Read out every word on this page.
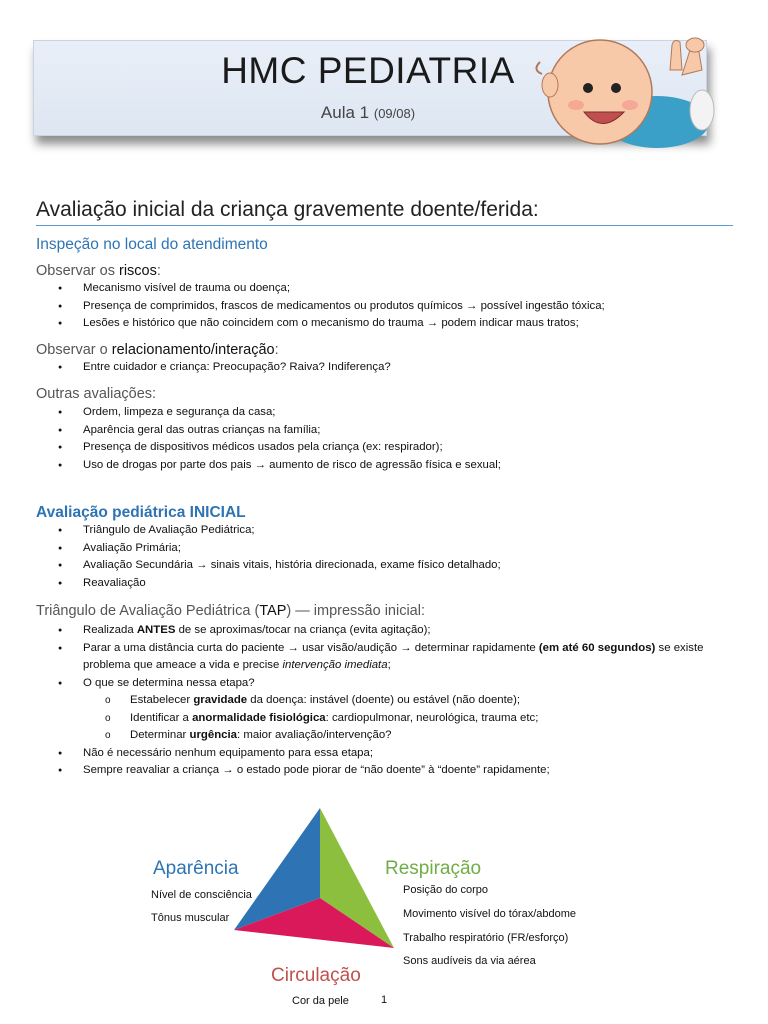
HMC PEDIATRIA
Aula 1 (09/08)
Avaliação inicial da criança gravemente doente/ferida:
Inspeção no local do atendimento
Observar os riscos:
● Mecanismo visível de trauma ou doença;
● Presença de comprimidos, frascos de medicamentos ou produtos químicos → possível ingestão tóxica;
● Lesões e histórico que não coincidem com o mecanismo do trauma → podem indicar maus tratos;
Observar o relacionamento/interação:
● Entre cuidador e criança: Preocupação? Raiva? Indiferença?
Outras avaliações:
● Ordem, limpeza e segurança da casa;
● Aparência geral das outras crianças na família;
● Presença de dispositivos médicos usados pela criança (ex: respirador);
● Uso de drogas por parte dos pais → aumento de risco de agressão física e sexual;
Avaliação pediátrica INICIAL
● Triângulo de Avaliação Pediátrica;
● Avaliação Primária;
● Avaliação Secundária → sinais vitais, história direcionada, exame físico detalhado;
● Reavaliação
Triângulo de Avaliação Pediátrica (TAP) — impressão inicial:
● Realizada ANTES de se aproximas/tocar na criança (evita agitação);
● Parar a uma distância curta do paciente → usar visão/audição → determinar rapidamente (em até 60 segundos) se existe problema que ameace a vida e precise intervenção imediata;
● O que se determina nessa etapa?
o Estabelecer gravidade da doença: instável (doente) ou estável (não doente);
o Identificar a anormalidade fisiológica: cardiopulmonar, neurológica, trauma etc;
o Determinar urgência: maior avaliação/intervenção?
● Não é necessário nenhum equipamento para essa etapa;
● Sempre reavaliar a criança → o estado pode piorar de “não doente” à “doente” rapidamente;
Aparência
Nível de consciência
Tônus muscular
Respiração
Posição do corpo
Movimento visível do tórax/abdome
Trabalho respiratório (FR/esforço)
Sons audíveis da via aérea
Circulação
Cor da pele	1
